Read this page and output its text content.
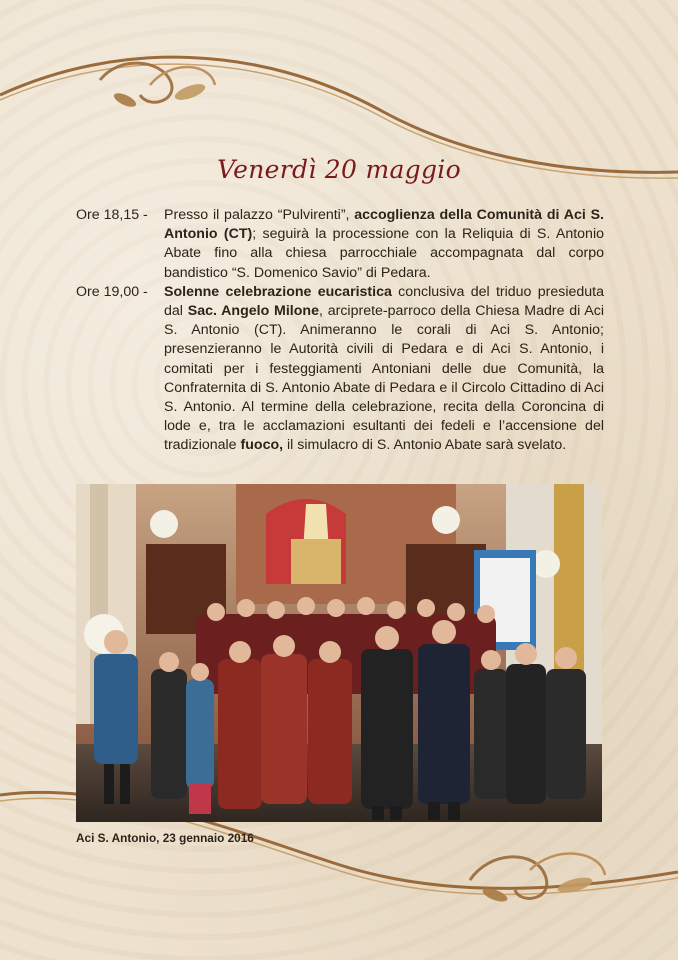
Venerdì 20 maggio
Ore 18,15 -	Presso il palazzo “Pulvirenti”, accoglienza della Comunità di Aci S. Antonio (CT); seguirà la processione con la Reliquia di S. Antonio Abate fino alla chiesa parrocchiale accompagnata dal corpo bandistico “S. Domenico Savio” di Pedara.
Ore 19,00 -	Solenne celebrazione eucaristica conclusiva del triduo presieduta dal Sac. Angelo Milone, arciprete-parroco della Chiesa Madre di Aci S. Antonio (CT). Animeranno le corali di Aci S. Antonio; presenzieranno le Autorità civili di Pedara e di Aci S. Antonio, i comitati per i festeggiamenti Antoniani delle due Comunità, la Confraternita di S. Antonio Abate di Pedara e il Circolo Cittadino di Aci S. Antonio. Al termine della celebrazione, recita della Coroncina di lode e, tra le acclamazioni esultanti dei fedeli e l’accensione del tradizionale fuoco, il simulacro di S. Antonio Abate sarà svelato.
Aci S. Antonio, 23 gennaio 2016
